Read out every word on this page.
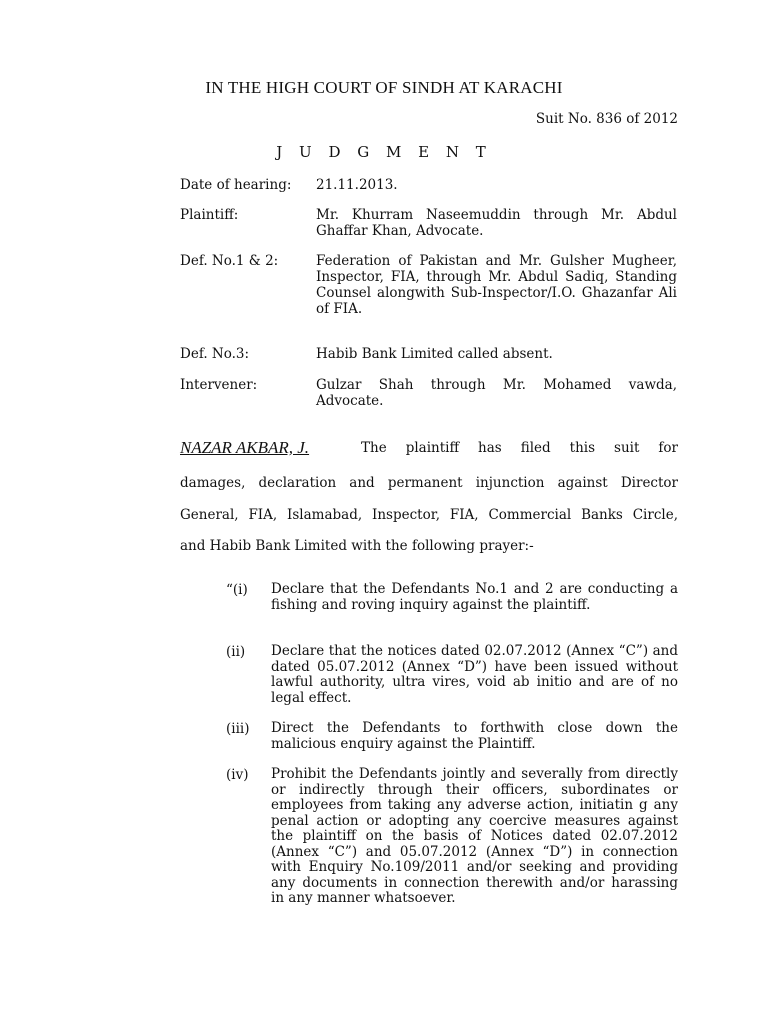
IN THE HIGH COURT OF SINDH AT KARACHI
Suit No. 836 of 2012
J U D G M E N T
Date of hearing: 21.11.2013.
Plaintiff:	Mr. Khurram Naseemuddin through Mr. Abdul Ghaffar Khan, Advocate.
Def. No.1 & 2:	Federation of Pakistan and Mr. Gulsher Mugheer, Inspector, FIA, through Mr. Abdul Sadiq, Standing Counsel alongwith Sub-Inspector/I.O. Ghazanfar Ali of FIA.
Def. No.3:	Habib Bank Limited called absent.
Intervener:	Gulzar Shah through Mr. Mohamed vawda, Advocate.
NAZAR AKBAR, J.	The plaintiff has filed this suit for
damages, declaration and permanent injunction against Director
General, FIA, Islamabad, Inspector, FIA, Commercial Banks Circle,
and Habib Bank Limited with the following prayer:-
“(i) Declare that the Defendants No.1 and 2 are conducting a fishing and roving inquiry against the plaintiff.
(ii) Declare that the notices dated 02.07.2012 (Annex “C”) and dated 05.07.2012 (Annex “D”) have been issued without lawful authority, ultra vires, void ab initio and are of no legal effect.
(iii) Direct the Defendants to forthwith close down the malicious enquiry against the Plaintiff.
(iv) Prohibit the Defendants jointly and severally from directly or indirectly through their officers, subordinates or employees from taking any adverse action, initiatin g any penal action or adopting any coercive measures against the plaintiff on the basis of Notices dated 02.07.2012 (Annex “C”) and 05.07.2012 (Annex “D”) in connection with Enquiry No.109/2011 and/or seeking and providing any documents in connection therewith and/or harassing in any manner whatsoever.
